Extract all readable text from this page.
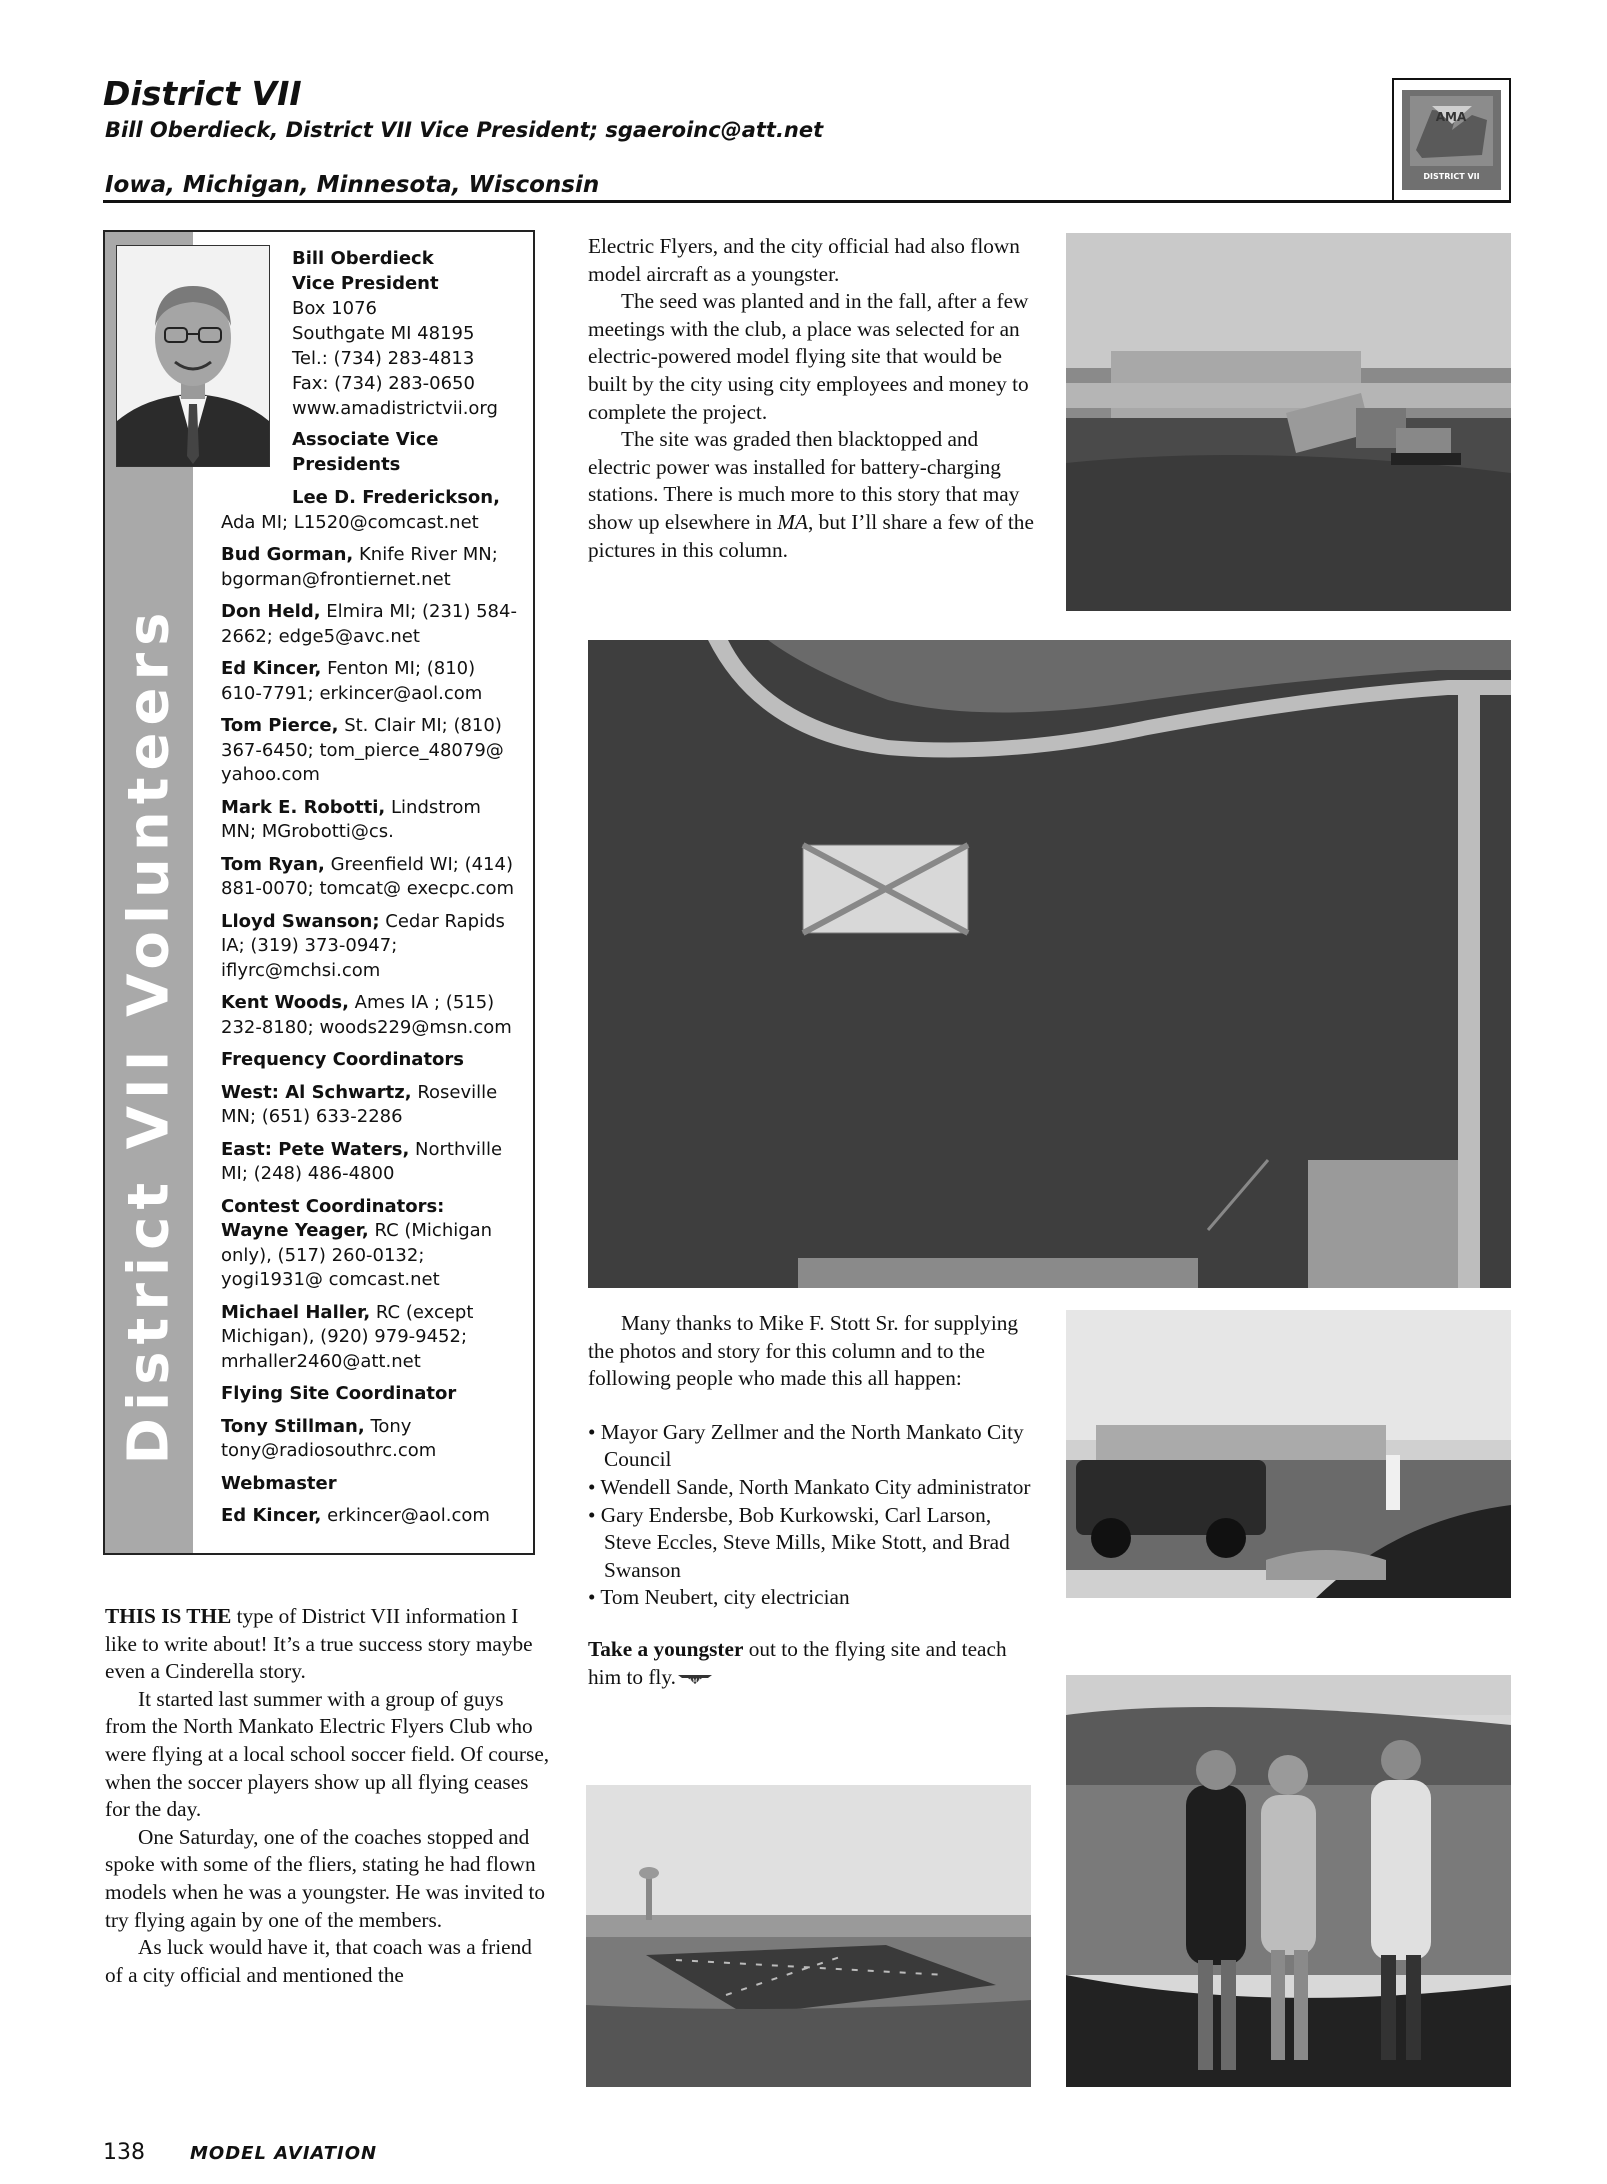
District VII
Bill Oberdieck, District VII Vice President; sgaeroinc@att.net
Iowa, Michigan, Minnesota, Wisconsin
AMA
DISTRICT VII
District VII Volunteers
Bill Oberdieck
Vice President
Box 1076
Southgate MI 48195
Tel.: (734) 283-4813
Fax: (734) 283-0650
www.amadistrictvii.org
Associate Vice Presidents
Lee D. Frederickson, Ada MI; L1520@comcast.net
Bud Gorman, Knife River MN; bgorman@frontiernet.net
Don Held, Elmira MI; (231) 584-2662; edge5@avc.net
Ed Kincer, Fenton MI; (810) 610-7791; erkincer@aol.com
Tom Pierce, St. Clair MI; (810) 367-6450; tom_pierce_48079@ yahoo.com
Mark E. Robotti, Lindstrom MN; MGrobotti@cs.
Tom Ryan, Greenfield WI; (414) 881-0070; tomcat@ execpc.com
Lloyd Swanson; Cedar Rapids IA; (319) 373-0947; iflyrc@mchsi.com
Kent Woods, Ames IA ; (515) 232-8180; woods229@msn.com
Frequency Coordinators
West: Al Schwartz, Roseville MN; (651) 633-2286
East: Pete Waters, Northville MI; (248) 486-4800
Contest Coordinators:
Wayne Yeager, RC (Michigan only), (517) 260-0132; yogi1931@ comcast.net
Michael Haller, RC (except Michigan), (920) 979-9452; mrhaller2460@att.net
Flying Site Coordinator
Tony Stillman, Tony tony@radiosouthrc.com
Webmaster
Ed Kincer, erkincer@aol.com

THIS IS THE type of District VII information I like to write about! It’s a true success story maybe even a Cinderella story.

It started last summer with a group of guys from the North Mankato Electric Flyers Club who were flying at a local school soccer field. Of course, when the soccer players show up all flying ceases for the day.

One Saturday, one of the coaches stopped and spoke with some of the fliers, stating he had flown models when he was a youngster. He was invited to try flying again by one of the members.

As luck would have it, that coach was a friend of a city official and mentioned the

Electric Flyers, and the city official had also flown model aircraft as a youngster.

The seed was planted and in the fall, after a few meetings with the club, a place was selected for an electric-powered model flying site that would be built by the city using city employees and money to complete the project.

The site was graded then blacktopped and electric power was installed for battery-charging stations. There is much more to this story that may show up elsewhere in MA, but I’ll share a few of the pictures in this column.

Many thanks to Mike F. Stott Sr. for supplying the photos and story for this column and to the following people who made this all happen:

• Mayor Gary Zellmer and the North Mankato City Council
• Wendell Sande, North Mankato City administrator
• Gary Endersbe, Bob Kurkowski, Carl Larson, Steve Eccles, Steve Mills, Mike Stott, and Brad Swanson
• Tom Neubert, city electrician

Take a youngster out to the flying site and teach him to fly. AMA

138	MODEL AVIATION
